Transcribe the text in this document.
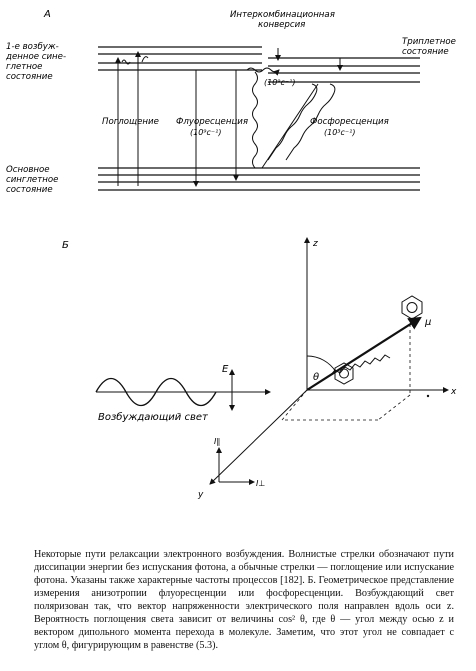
А
1-е возбуж-
денное сине-
глетное
состояние
Основное
синглетное
состояние
Интеркомбинационная
конверсия
(10⁹c⁻¹)
Триплетное
состояние
Поглощение Флуоресценция
(10⁹c⁻¹)
Фосфоресценция
(10³c⁻¹)
Б	z
x
y
μ
θ
Возбуждающий свет
E
I∥
I⊥
Некоторые пути релаксации электронного возбуждения. Волнистые стрелки обозначают пути диссипации энергии без испускания фотона, а обычные стрелки — поглощение или испускание фотона. Указаны также характерные частоты процессов [182]. Б. Геометрическое представление измерения анизотропии флуоресценции или фосфоресценции. Возбуждающий свет поляризован так, что вектор напряженности электрического поля направлен вдоль оси z. Вероятность поглощения света зависит от величины cos² θ, где θ — угол между осью z и вектором дипольного момента перехода в молекуле. Заметим, что этот угол не совпадает с углом θ, фигурирующим в равенстве (5.3).
